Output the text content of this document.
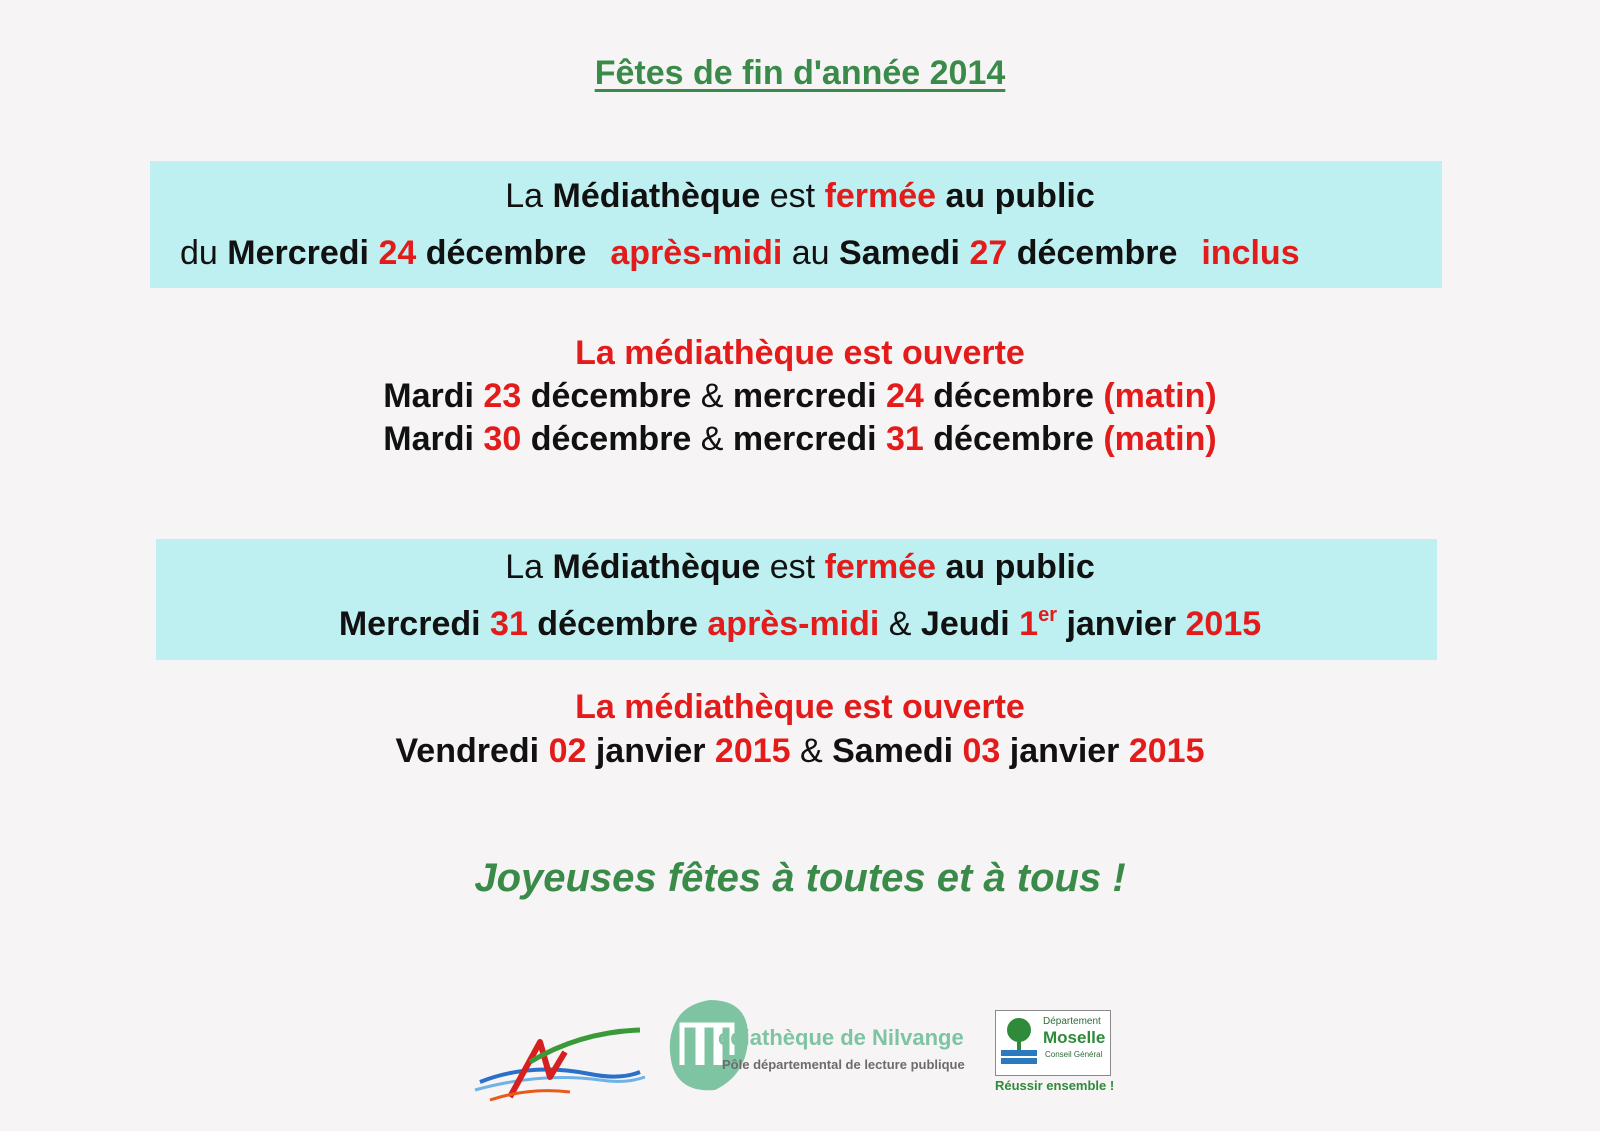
Fêtes de fin d'année 2014
La Médiathèque est fermée au public
du Mercredi 24 décembre après-midi au Samedi 27 décembre inclus
La médiathèque est ouverte
Mardi 23 décembre & mercredi 24 décembre (matin)
Mardi 30 décembre & mercredi 31 décembre (matin)
La Médiathèque est fermée au public
Mercredi 31 décembre après-midi & Jeudi 1er janvier 2015
La médiathèque est ouverte
Vendredi 02 janvier 2015 & Samedi 03 janvier 2015
Joyeuses fêtes à toutes et à tous !
édiathèque de Nilvange
Pôle départemental de lecture publique
Département
Moselle
Conseil Général
Réussir ensemble !
